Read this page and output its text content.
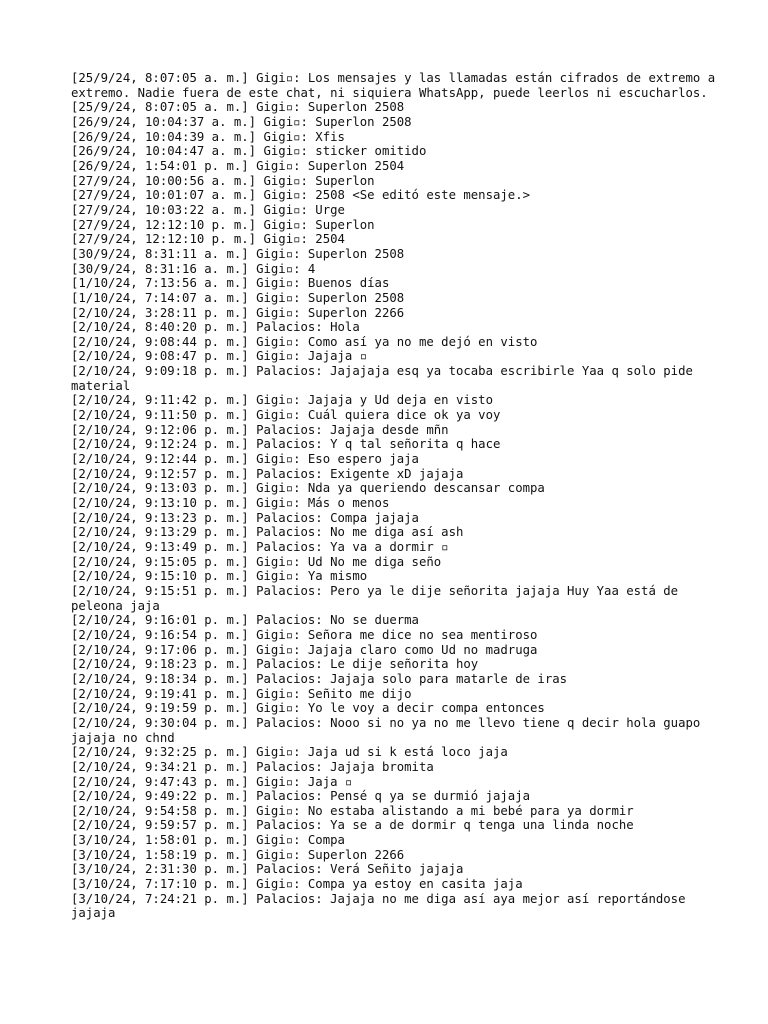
[25/9/24, 8:07:05 a. m.] Gigi▫: Los mensajes y las llamadas están cifrados de extremo a extremo. Nadie fuera de este chat, ni siquiera WhatsApp, puede leerlos ni escucharlos.
[25/9/24, 8:07:05 a. m.] Gigi▫: Superlon 2508
[26/9/24, 10:04:37 a. m.] Gigi▫: Superlon 2508
[26/9/24, 10:04:39 a. m.] Gigi▫: Xfis
[26/9/24, 10:04:47 a. m.] Gigi▫: sticker omitido
[26/9/24, 1:54:01 p. m.] Gigi▫: Superlon 2504
[27/9/24, 10:00:56 a. m.] Gigi▫: Superlon
[27/9/24, 10:01:07 a. m.] Gigi▫: 2508 <Se editó este mensaje.>
[27/9/24, 10:03:22 a. m.] Gigi▫: Urge
[27/9/24, 12:12:10 p. m.] Gigi▫: Superlon
[27/9/24, 12:12:10 p. m.] Gigi▫: 2504
[30/9/24, 8:31:11 a. m.] Gigi▫: Superlon 2508
[30/9/24, 8:31:16 a. m.] Gigi▫: 4
[1/10/24, 7:13:56 a. m.] Gigi▫: Buenos días
[1/10/24, 7:14:07 a. m.] Gigi▫: Superlon 2508
[2/10/24, 3:28:11 p. m.] Gigi▫: Superlon 2266
[2/10/24, 8:40:20 p. m.] Palacios: Hola
[2/10/24, 9:08:44 p. m.] Gigi▫: Como así ya no me dejó en visto
[2/10/24, 9:08:47 p. m.] Gigi▫: Jajaja ▫
[2/10/24, 9:09:18 p. m.] Palacios: Jajajaja esq ya tocaba escribirle Yaa q solo pide material
[2/10/24, 9:11:42 p. m.] Gigi▫: Jajaja y Ud deja en visto
[2/10/24, 9:11:50 p. m.] Gigi▫: Cuál quiera dice ok ya voy
[2/10/24, 9:12:06 p. m.] Palacios: Jajaja desde mñn
[2/10/24, 9:12:24 p. m.] Palacios: Y q tal señorita q hace
[2/10/24, 9:12:44 p. m.] Gigi▫: Eso espero jaja
[2/10/24, 9:12:57 p. m.] Palacios: Exigente xD jajaja
[2/10/24, 9:13:03 p. m.] Gigi▫: Nda ya queriendo descansar compa
[2/10/24, 9:13:10 p. m.] Gigi▫: Más o menos
[2/10/24, 9:13:23 p. m.] Palacios: Compa jajaja
[2/10/24, 9:13:29 p. m.] Palacios: No me diga así ash
[2/10/24, 9:13:49 p. m.] Palacios: Ya va a dormir ▫
[2/10/24, 9:15:05 p. m.] Gigi▫: Ud No me diga seño
[2/10/24, 9:15:10 p. m.] Gigi▫: Ya mismo
[2/10/24, 9:15:51 p. m.] Palacios: Pero ya le dije señorita jajaja Huy Yaa está de peleona jaja
[2/10/24, 9:16:01 p. m.] Palacios: No se duerma
[2/10/24, 9:16:54 p. m.] Gigi▫: Señora me dice no sea mentiroso
[2/10/24, 9:17:06 p. m.] Gigi▫: Jajaja claro como Ud no madruga
[2/10/24, 9:18:23 p. m.] Palacios: Le dije señorita hoy
[2/10/24, 9:18:34 p. m.] Palacios: Jajaja solo para matarle de iras
[2/10/24, 9:19:41 p. m.] Gigi▫: Señito me dijo
[2/10/24, 9:19:59 p. m.] Gigi▫: Yo le voy a decir compa entonces
[2/10/24, 9:30:04 p. m.] Palacios: Nooo si no ya no me llevo tiene q decir hola guapo jajaja no chnd
[2/10/24, 9:32:25 p. m.] Gigi▫: Jaja ud si k está loco jaja
[2/10/24, 9:34:21 p. m.] Palacios: Jajaja bromita
[2/10/24, 9:47:43 p. m.] Gigi▫: Jaja ▫
[2/10/24, 9:49:22 p. m.] Palacios: Pensé q ya se durmió jajaja
[2/10/24, 9:54:58 p. m.] Gigi▫: No estaba alistando a mi bebé para ya dormir
[2/10/24, 9:59:57 p. m.] Palacios: Ya se a de dormir q tenga una linda noche
[3/10/24, 1:58:01 p. m.] Gigi▫: Compa
[3/10/24, 1:58:19 p. m.] Gigi▫: Superlon 2266
[3/10/24, 2:31:30 p. m.] Palacios: Verá Señito jajaja
[3/10/24, 7:17:10 p. m.] Gigi▫: Compa ya estoy en casita jaja
[3/10/24, 7:24:21 p. m.] Palacios: Jajaja no me diga así aya mejor así reportándose jajaja
